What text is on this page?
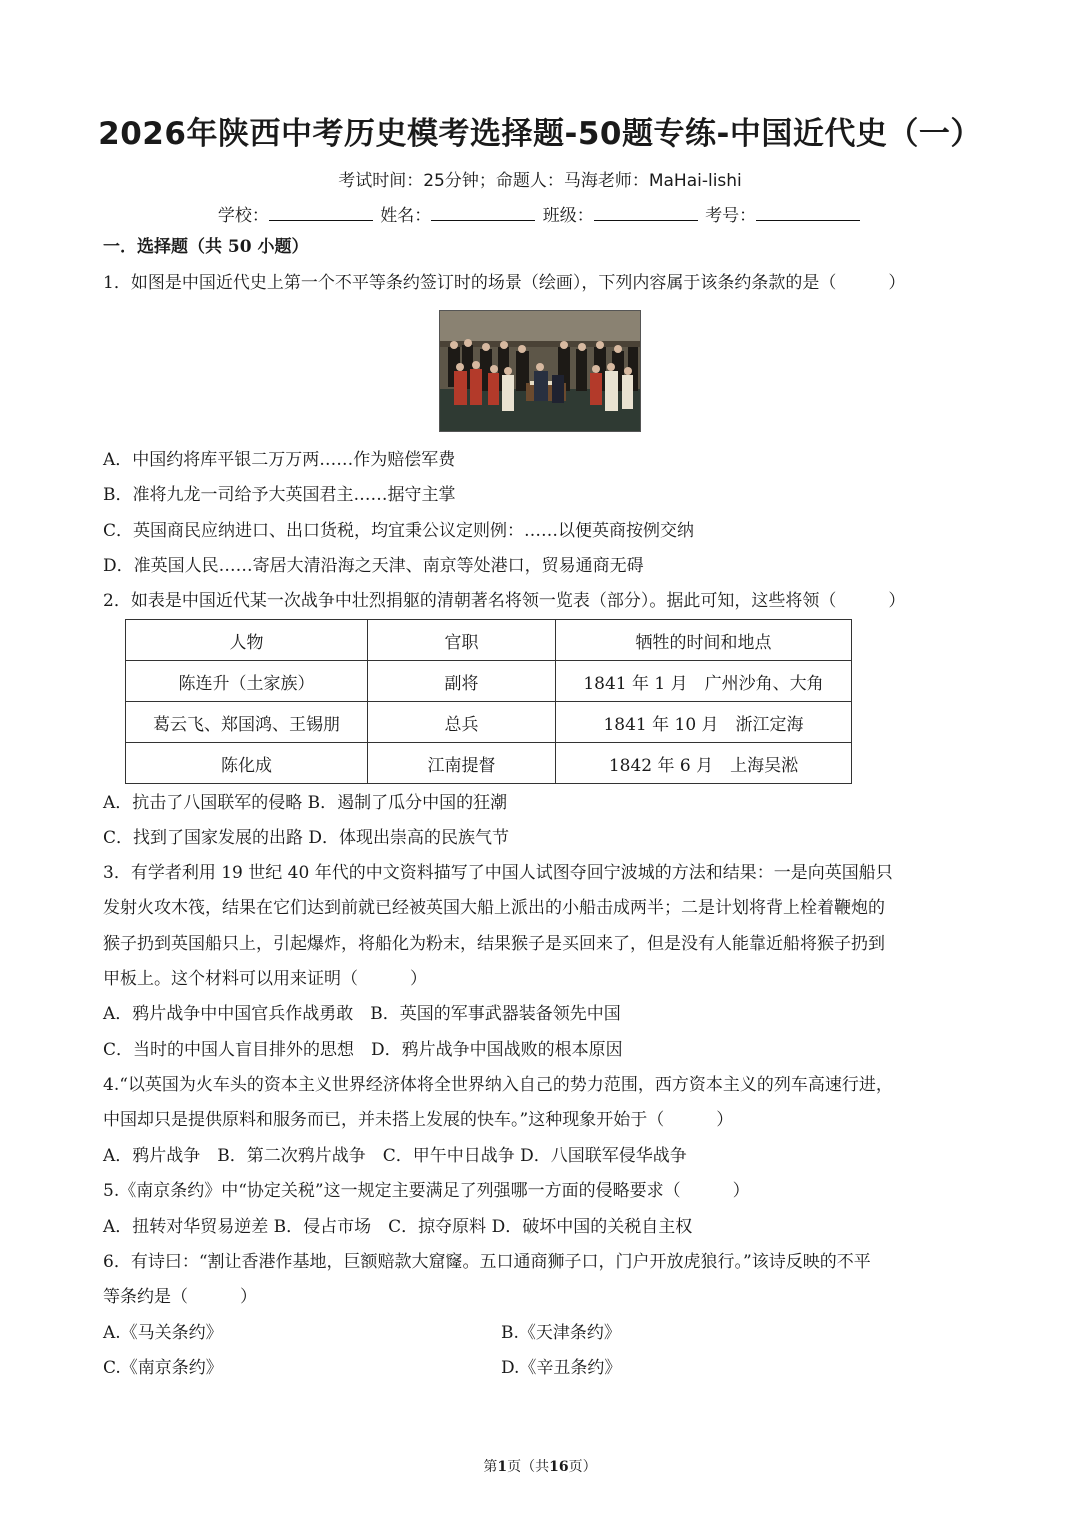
2026年陕西中考历史模考选择题-50题专练-中国近代史（一）
考试时间：25分钟；命题人：马海老师：MaHai-lishi
学校：	姓名：	班级：	考号：
一．选择题（共 50 小题）
1．如图是中国近代史上第一个不平等条约签订时的场景（绘画），下列内容属于该条约条款的是（	）
A．中国约将库平银二万万两……作为赔偿军费
B．准将九龙一司给予大英国君主……据守主掌
C．英国商民应纳进口、出口货税，均宜秉公议定则例：……以便英商按例交纳
D．准英国人民……寄居大清沿海之天津、南京等处港口，贸易通商无碍
2．如表是中国近代某一次战争中壮烈捐躯的清朝著名将领一览表（部分）。据此可知，这些将领（	）
人物	官职	牺牲的时间和地点
陈连升（土家族）	副将	1841 年 1 月　广州沙角、大角
葛云飞、郑国鸿、王锡朋	总兵	1841 年 10 月　浙江定海
陈化成	江南提督	1842 年 6 月　上海吴淞
A．抗击了八国联军的侵略 B．遏制了瓜分中国的狂潮
C．找到了国家发展的出路 D．体现出崇高的民族气节
3．有学者利用 19 世纪 40 年代的中文资料描写了中国人试图夺回宁波城的方法和结果：一是向英国船只
发射火攻木筏，结果在它们达到前就已经被英国大船上派出的小船击成两半；二是计划将背上栓着鞭炮的
猴子扔到英国船只上，引起爆炸，将船化为粉末，结果猴子是买回来了，但是没有人能靠近船将猴子扔到
甲板上。这个材料可以用来证明（	）
A．鸦片战争中中国官兵作战勇敢　B．英国的军事武器装备领先中国
C．当时的中国人盲目排外的思想　D．鸦片战争中国战败的根本原因
4.“以英国为火车头的资本主义世界经济体将全世界纳入自己的势力范围，西方资本主义的列车高速行进，
中国却只是提供原料和服务而已，并未搭上发展的快车。”这种现象开始于（	）
A．鸦片战争　B．第二次鸦片战争　C．甲午中日战争 D．八国联军侵华战争
5.《南京条约》中“协定关税”这一规定主要满足了列强哪一方面的侵略要求（	）
A．扭转对华贸易逆差 B．侵占市场　C．掠夺原料 D．破坏中国的关税自主权
6．有诗曰：“割让香港作基地，巨额赔款大窟窿。五口通商狮子口，门户开放虎狼行。”该诗反映的不平
等条约是（	）
A.《马关条约》	B.《天津条约》
C.《南京条约》	D.《辛丑条约》
第1页（共16页）
